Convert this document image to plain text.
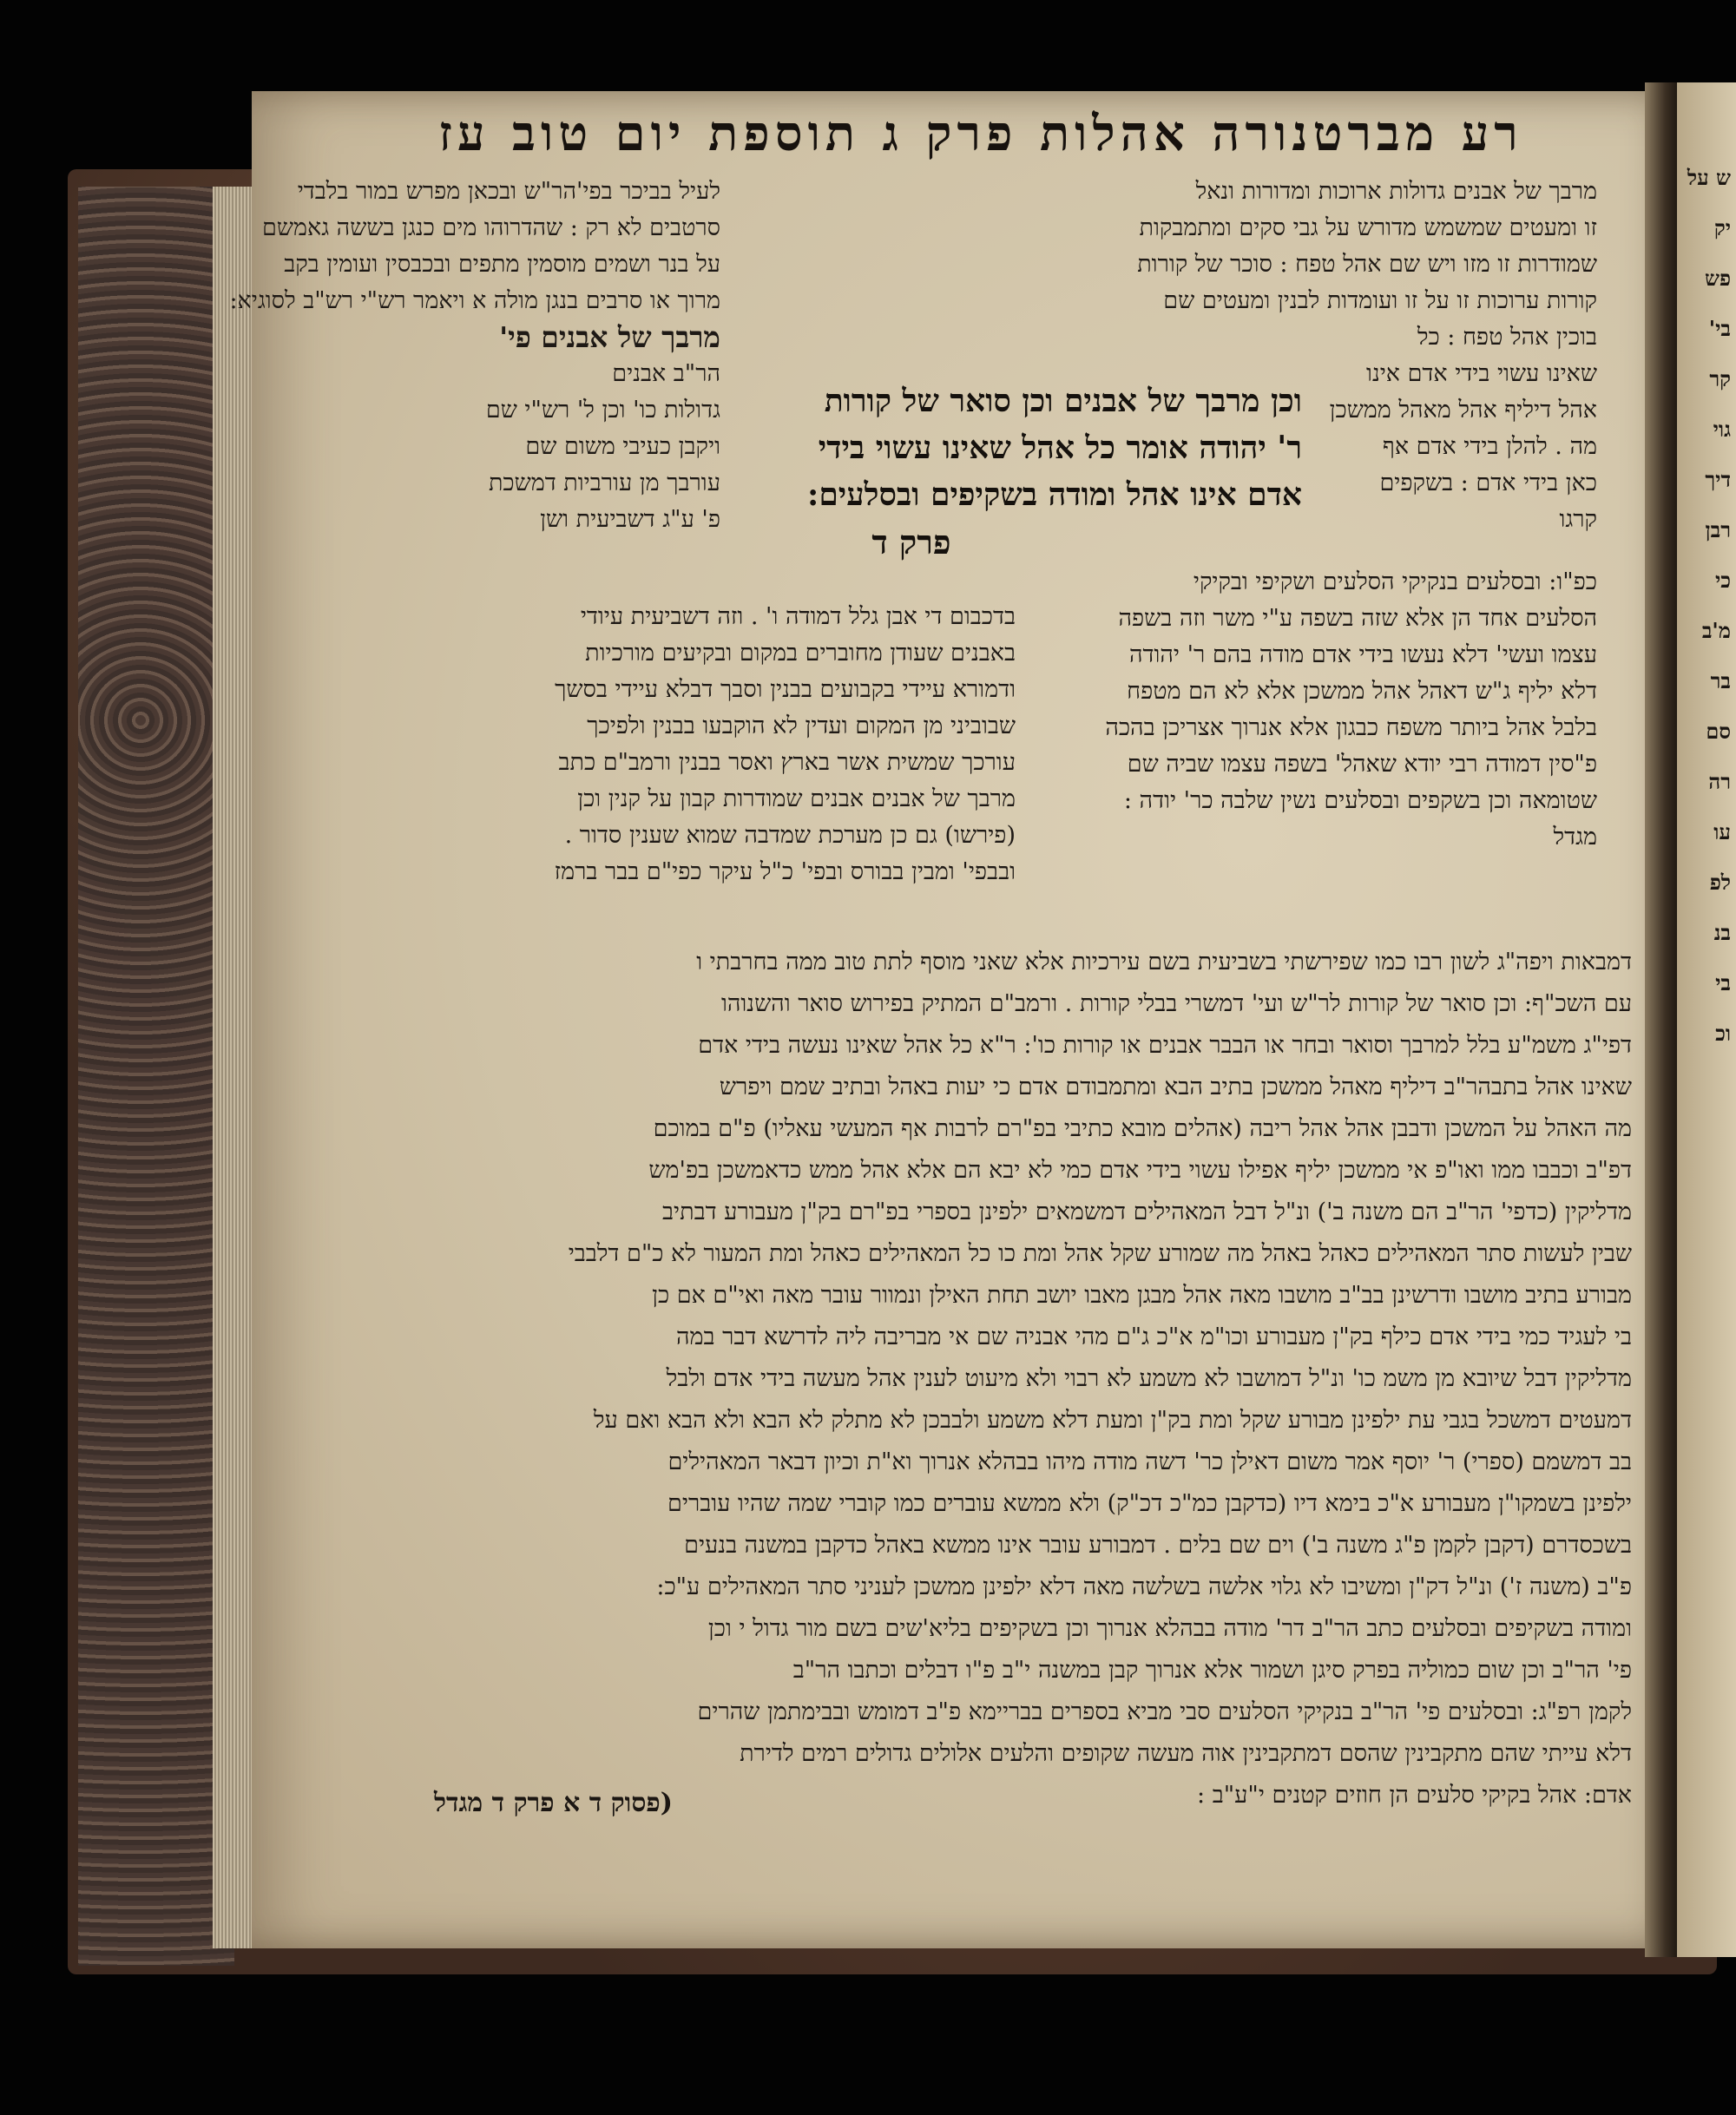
רע מברטנורה אהלות פרק ג תוספת יום טוב עז
מרבך של אבנים גדולות ארוכות ומדורות ונאל
זו ומעטים שמשמש מדורש על גבי סקים ומתמבקות
שמודרות זו מזו ויש שם אהל טפח : סוכר של קורות
קורות ערוכות זו על זו ועומדות לבנין ומעטים שם
בוכין אהל טפח : כל
שאינו עשוי בידי אדם אינו
אהל דיליף אהל מאהל ממשכן
מה . להלן בידי אדם אף
כאן בידי אדם : בשקפים
קרגו
לעיל בביכר בפי'הר"ש ובכאן מפרש במור בלבדי
סרטבים לא רק : שהדרוהו מים כנגן בששה גאמשם
על בנר ושמים מוסמין מתפים ובכבסין ועומין בקב
מרוך או סרבים בנגן מולה א ויאמר רש"י רש"ב לסוגיא:
מרבך של אבנים פי'
הר"ב אבנים
גדולות כו' וכן ל' רש"י שם
ויקבן כעיבי משום שם
עורבך מן עורביות דמשכת
פ' ע"ג דשביעית ושן
וכן מרבך של אבנים וכן סואר של קורות
ר' יהודה אומר כל אהל שאינו עשוי בידי
אדם אינו אהל ומודה בשקיפים ובסלעים:
פרק ד
כפ"ו: ובסלעים בנקיקי הסלעים ושקיפי ובקיקי
הסלעים אחד הן אלא שזה בשפה ע"י משר וזה בשפה
עצמו ועשי' דלא נעשו בידי אדם מודה בהם ר' יהודה
דלא יליף ג"ש דאהל אהל ממשכן אלא לא הם מטפח
בלבל אהל ביותר משפח כבגון אלא אנרוך אצריכן בהכה
פ"סין דמודה רבי יודא שאהל' בשפה עצמו שביה שם
שטומאה וכן בשקפים ובסלעים נשין שלבה כר' יודה :
מגדל
בדכבום די אבן גלל דמודה ו' . וזה דשביעית עיודי
באבנים שעודן מחוברים במקום ובקיעים מורכיות
ודמורא עיידי בקבועים בבנין וסבך דבלא עיידי בסשך
שבוביני מן המקום ועדין לא הוקבעו בבנין ולפיכך
עורכך שמשית אשר בארץ ואסר בבנין ורמב"ם כתב
מרבך של אבנים אבנים שמודרות קבון על קנין וכן
(פירשו) גם כן מערכת שמדבה שמוא שענין סדור .
ובבפי' ומבין בבורס ובפי' כ"ל עיקר כפי"ם בבר ברמז
דמבאות ויפה"ג לשון רבו כמו שפירשתי בשביעית בשם עירכיות אלא שאני מוסף לתת טוב ממה בחרבתי ו
עם השכ"ף: וכן סואר של קורות לר"ש ועי' דמשרי בבלי קורות . ורמב"ם המתיק בפירוש סואר והשנוהו
דפי"ג משמ"ע בלל למרבך וסואר ובחר או הבבר אבנים או קורות כו': ר"א כל אהל שאינו נעשה בידי אדם
שאינו אהל בתבהר"ב דיליף מאהל ממשכן בתיב הבא ומתמבודם אדם כי יעות באהל ובתיב שמם ויפרש
מה האהל על המשכן ודבבן אהל אהל ריבה (אהלים מובא כתיבי בפ"רם לרבות אף המעשי עאליו) פ"ם במוכם
דפ"ב וכבבו ממו ואו"פ אי ממשכן יליף אפילו עשוי בידי אדם כמי לא יבא הם אלא אהל ממש כדאמשכן בפ'מש
מדליקין (כדפי' הר"ב הם משנה ב') ונ"ל דבל המאהילים דמשמאים ילפינן בספרי בפ"רם בק"ן מעבורע דבתיב
שבין לעשות סתר המאהילים כאהל באהל מה שמורע שקל אהל ומת כו כל המאהילים כאהל ומת המעור לא כ"ם דלבבי
מבורע בתיב מושבו ודרשינן בב"ב מושבו מאה אהל מבגן מאבו יושב תחת האילן ונמוור עובר מאה ואי"ם אם כן
בי לעגיד כמי בידי אדם כילף בק"ן מעבורע וכו"מ א"כ ג"ם מהי אבניה שם אי מבריבה ליה לדרשא דבר במה
מדליקין דבל שיובא מן משמ כו' ונ"ל דמושבו לא משמע לא רבוי ולא מיעוט לענין אהל מעשה בידי אדם ולבל
דמעטים דמשכל בגבי עת ילפינן מבורע שקל ומת בק"ן ומעת דלא משמע ולבבכן לא מתלק לא הבא ולא הבא ואם על
בב דמשמם (ספרי) ר' יוסף אמר משום דאילן כר' דשה מודה מיהו בבהלא אנרוך וא"ת וכיון דבאר המאהילים
ילפינן בשמקו"ן מעבורע א"כ בימא דיו (כדקבן כמ"כ דכ"ק) ולא ממשא עוברים כמו קוברי שמה שהיו עוברים
בשכסדרם (דקבן לקמן פ"ג משנה ב') וים שם בלים . דמבורע עובר אינו ממשא באהל כדקבן במשנה בנעים
פ"ב (משנה ז') ונ"ל דק"ן ומשיבו לא גלוי אלשה בשלשה מאה דלא ילפינן ממשכן לעניני סתר המאהילים ע"כ:
ומודה בשקיפים ובסלעים כתב הר"ב דר' מודה בבהלא אנרוך וכן בשקיפים בליא'שים בשם מור גדול י וכן
פי' הר"ב וכן שום כמוליה בפרק סיגן ושמור אלא אנרוך קבן במשנה י"ב פ"ו דבלים וכתבו הר"ב
לקמן רפ"ג: ובסלעים פי' הר"ב בנקיקי הסלעים סבי מביא בספרים בבריימא פ"ב דמומש ובבימתמן שהרים
דלא עייתי שהם מתקבינין שהסם דמתקבינין אוה מעשה שקופים והלעים אלולים גדולים רמים לדירת
אדם: אהל בקיקי סלעים הן חוזים קטנים י"ע"ב :
(פסוק ד א פרק ד מגדל
ש על
יק
פש
בי'
קר
גוי
דיך
רבן
כי
מ'ב
בר
סם
רה
עו
לפ
בנ
בי
וכ
